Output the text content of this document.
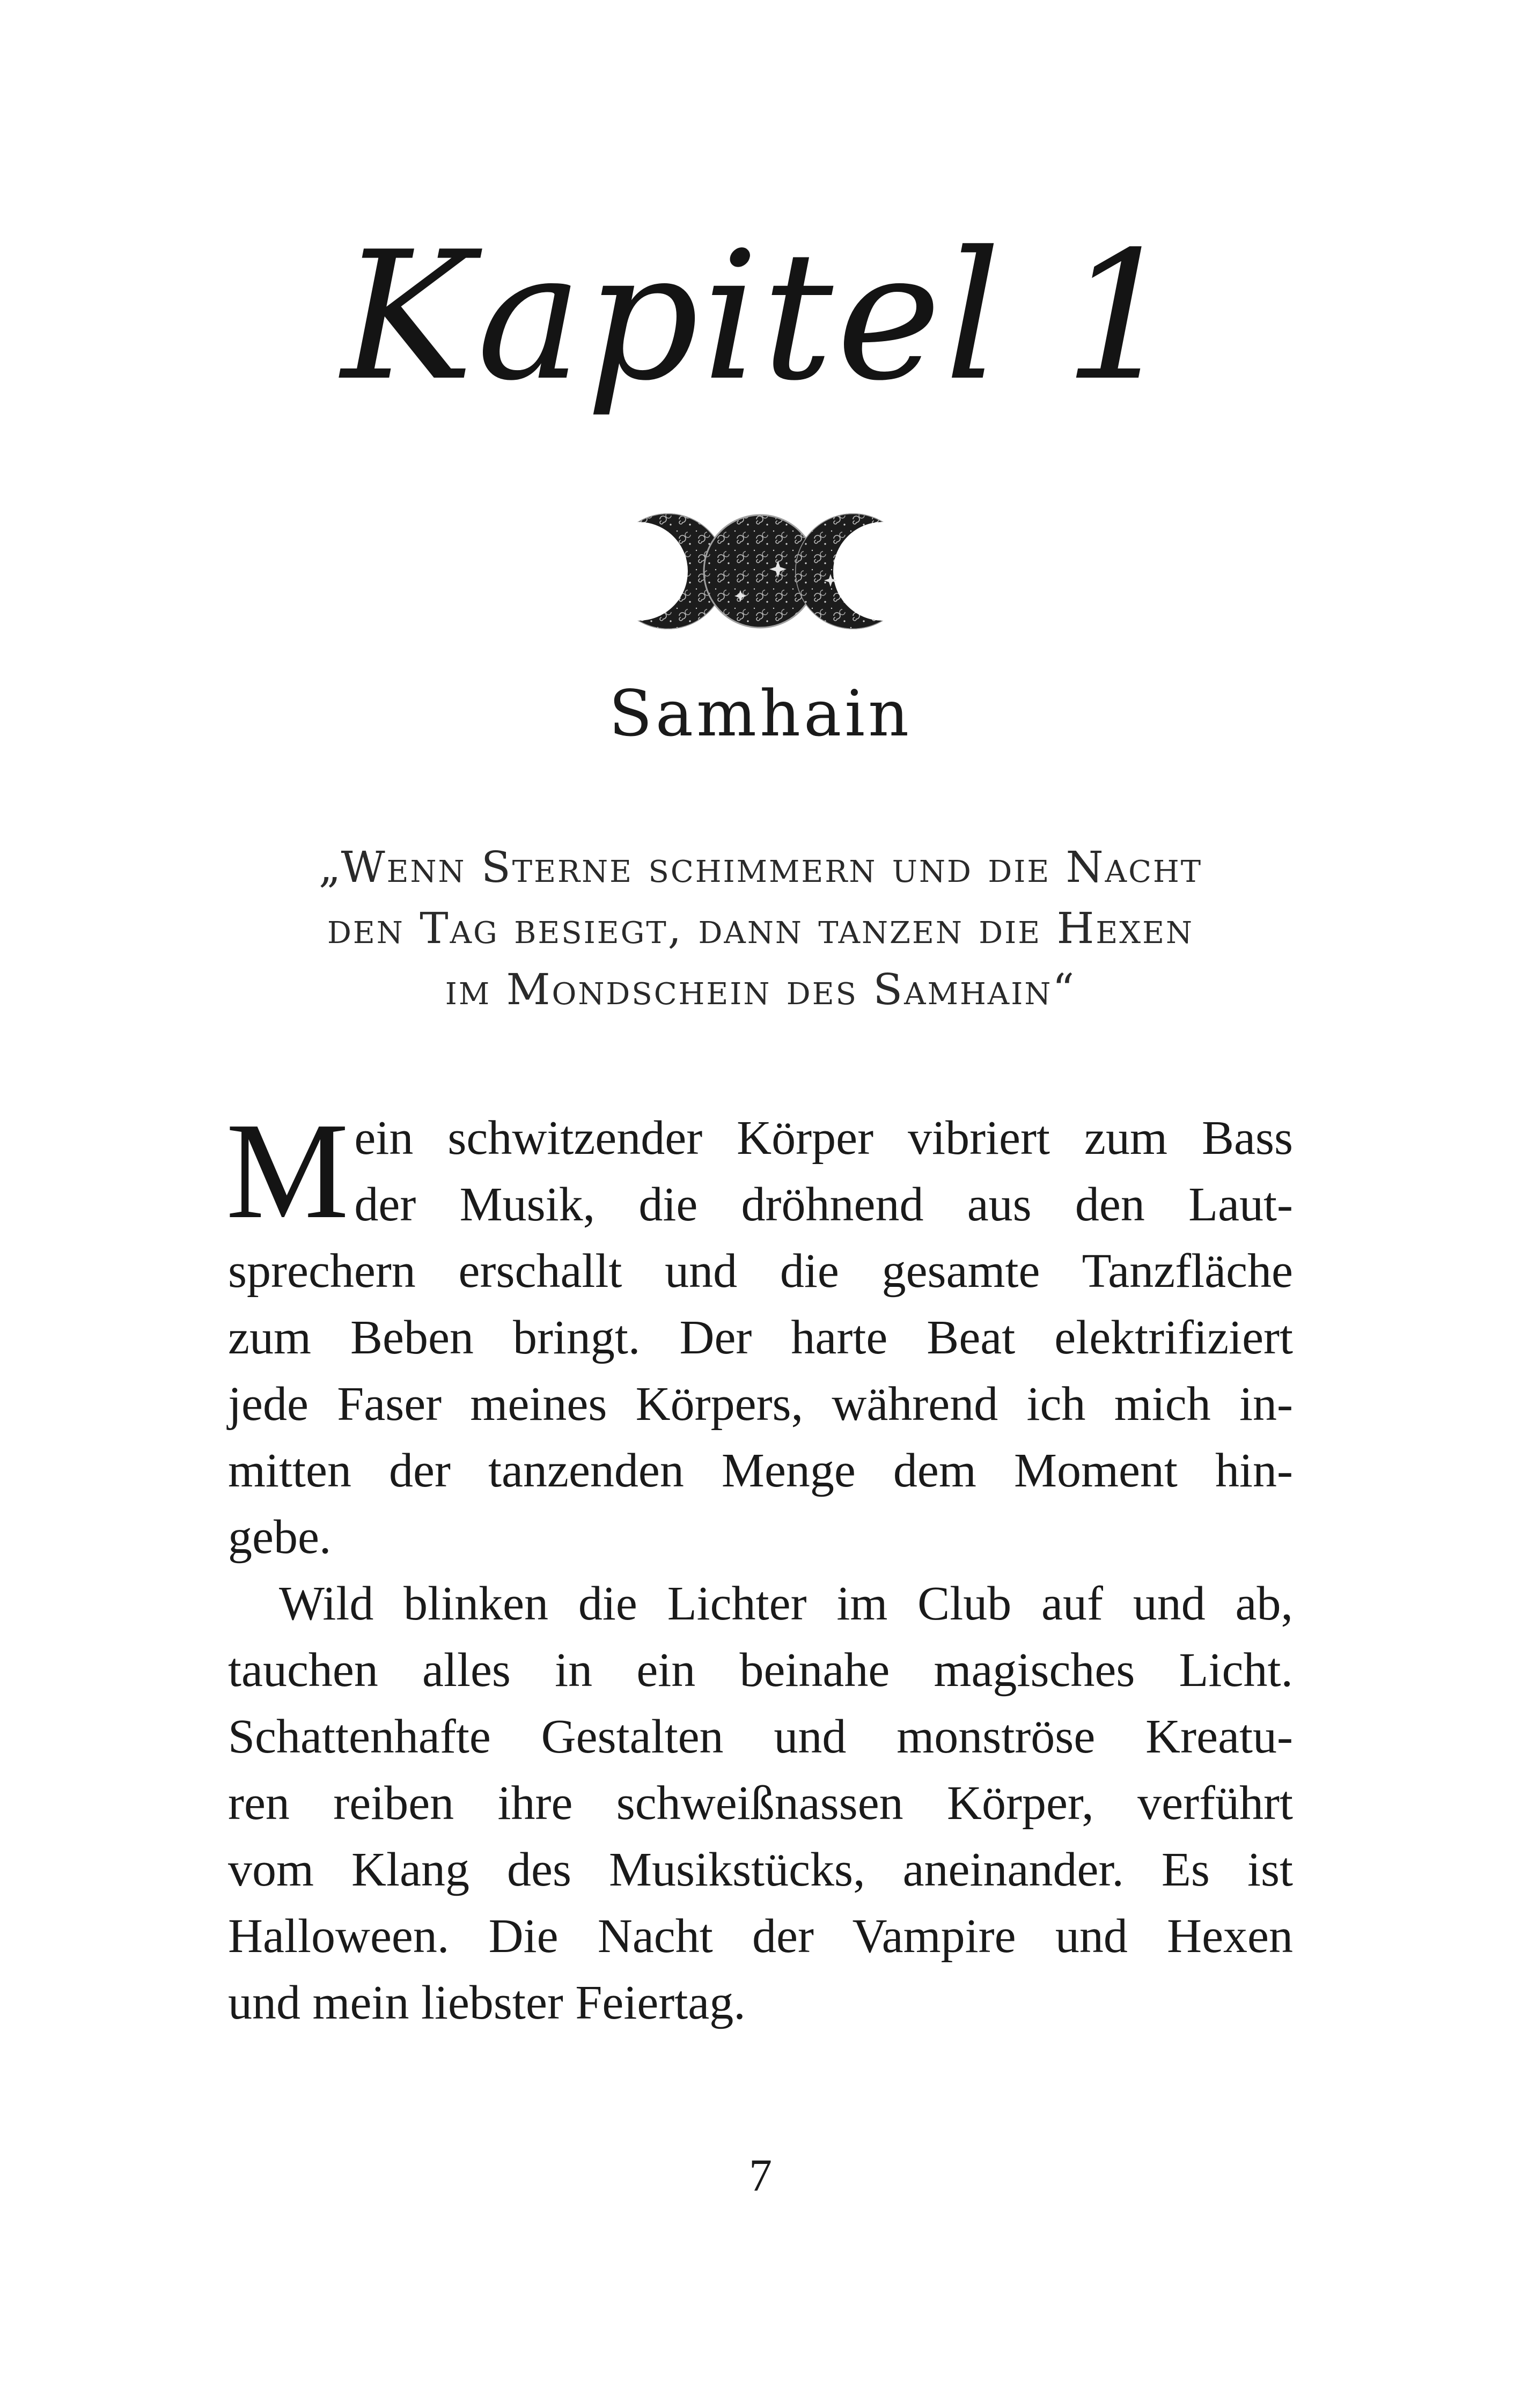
Kapitel 1
Samhain
„Wenn Sterne schimmern und die Nacht
den Tag besiegt, dann tanzen die Hexen
im Mondschein des Samhain“
M ein schwitzender Körper vibriert zum Bass

der Musik, die dröhnend aus den Laut-

sprechern erschallt und die gesamte Tanzfläche

zum Beben bringt. Der harte Beat elektrifiziert

jede Faser meines Körpers, während ich mich in-

mitten der tanzenden Menge dem Moment hin-

gebe.

Wild blinken die Lichter im Club auf und ab,

tauchen alles in ein beinahe magisches Licht.

Schattenhafte Gestalten und monströse Kreatu-

ren reiben ihre schweißnassen Körper, verführt

vom Klang des Musikstücks, aneinander. Es ist

Halloween. Die Nacht der Vampire und Hexen

und mein liebster Feiertag.

7
